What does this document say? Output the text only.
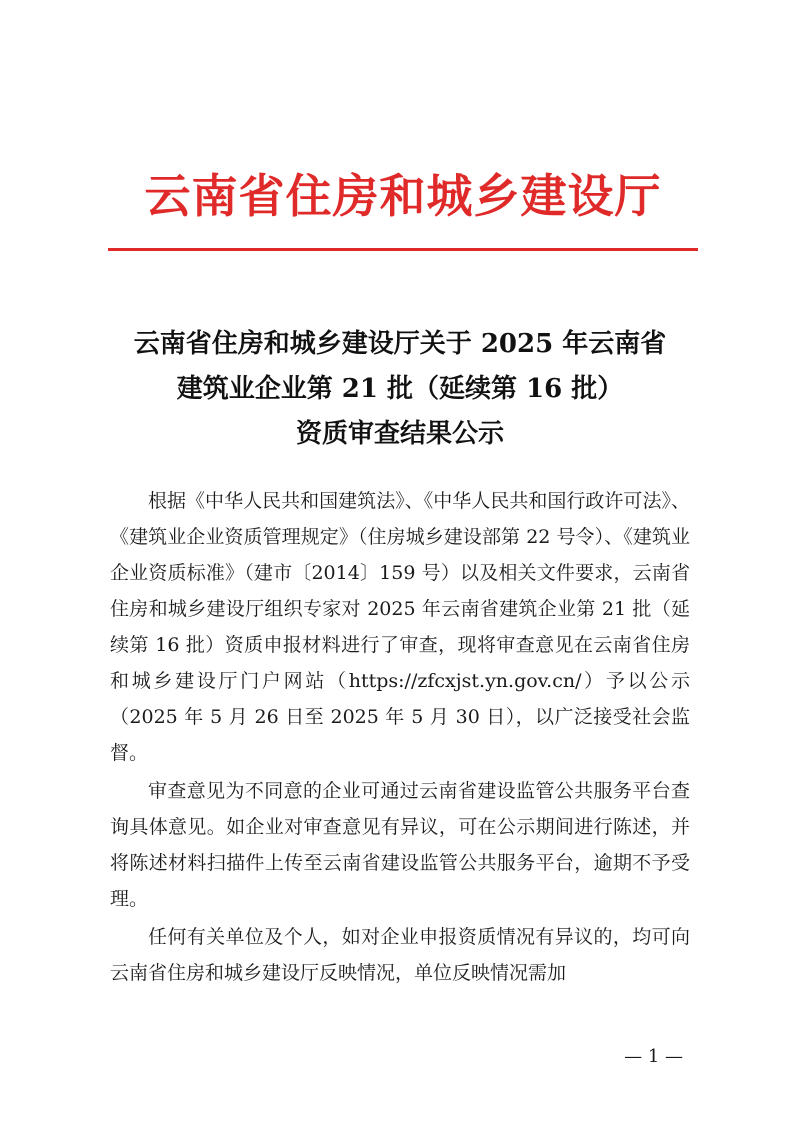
云南省住房和城乡建设厅
云南省住房和城乡建设厅关于 2025 年云南省
建筑业企业第 21 批（延续第 16 批）
资质审查结果公示

根据《中华人民共和国建筑法》、《中华人民共和国行政许可法》、《建筑业企业资质管理规定》（住房城乡建设部第 22 号令）、《建筑业企业资质标准》（建市〔2014〕159 号）以及相关文件要求，云南省住房和城乡建设厅组织专家对 2025 年云南省建筑企业第 21 批（延续第 16 批）资质申报材料进行了审查，现将审查意见在云南省住房和城乡建设厅门户网站（https://zfcxjst.yn.gov.cn/）予以公示（2025 年 5 月 26 日至 2025 年 5 月 30 日），以广泛接受社会监督。

审查意见为不同意的企业可通过云南省建设监管公共服务平台查询具体意见。如企业对审查意见有异议，可在公示期间进行陈述，并将陈述材料扫描件上传至云南省建设监管公共服务平台，逾期不予受理。

任何有关单位及个人，如对企业申报资质情况有异议的，均可向云南省住房和城乡建设厅反映情况，单位反映情况需加

— 1 —
